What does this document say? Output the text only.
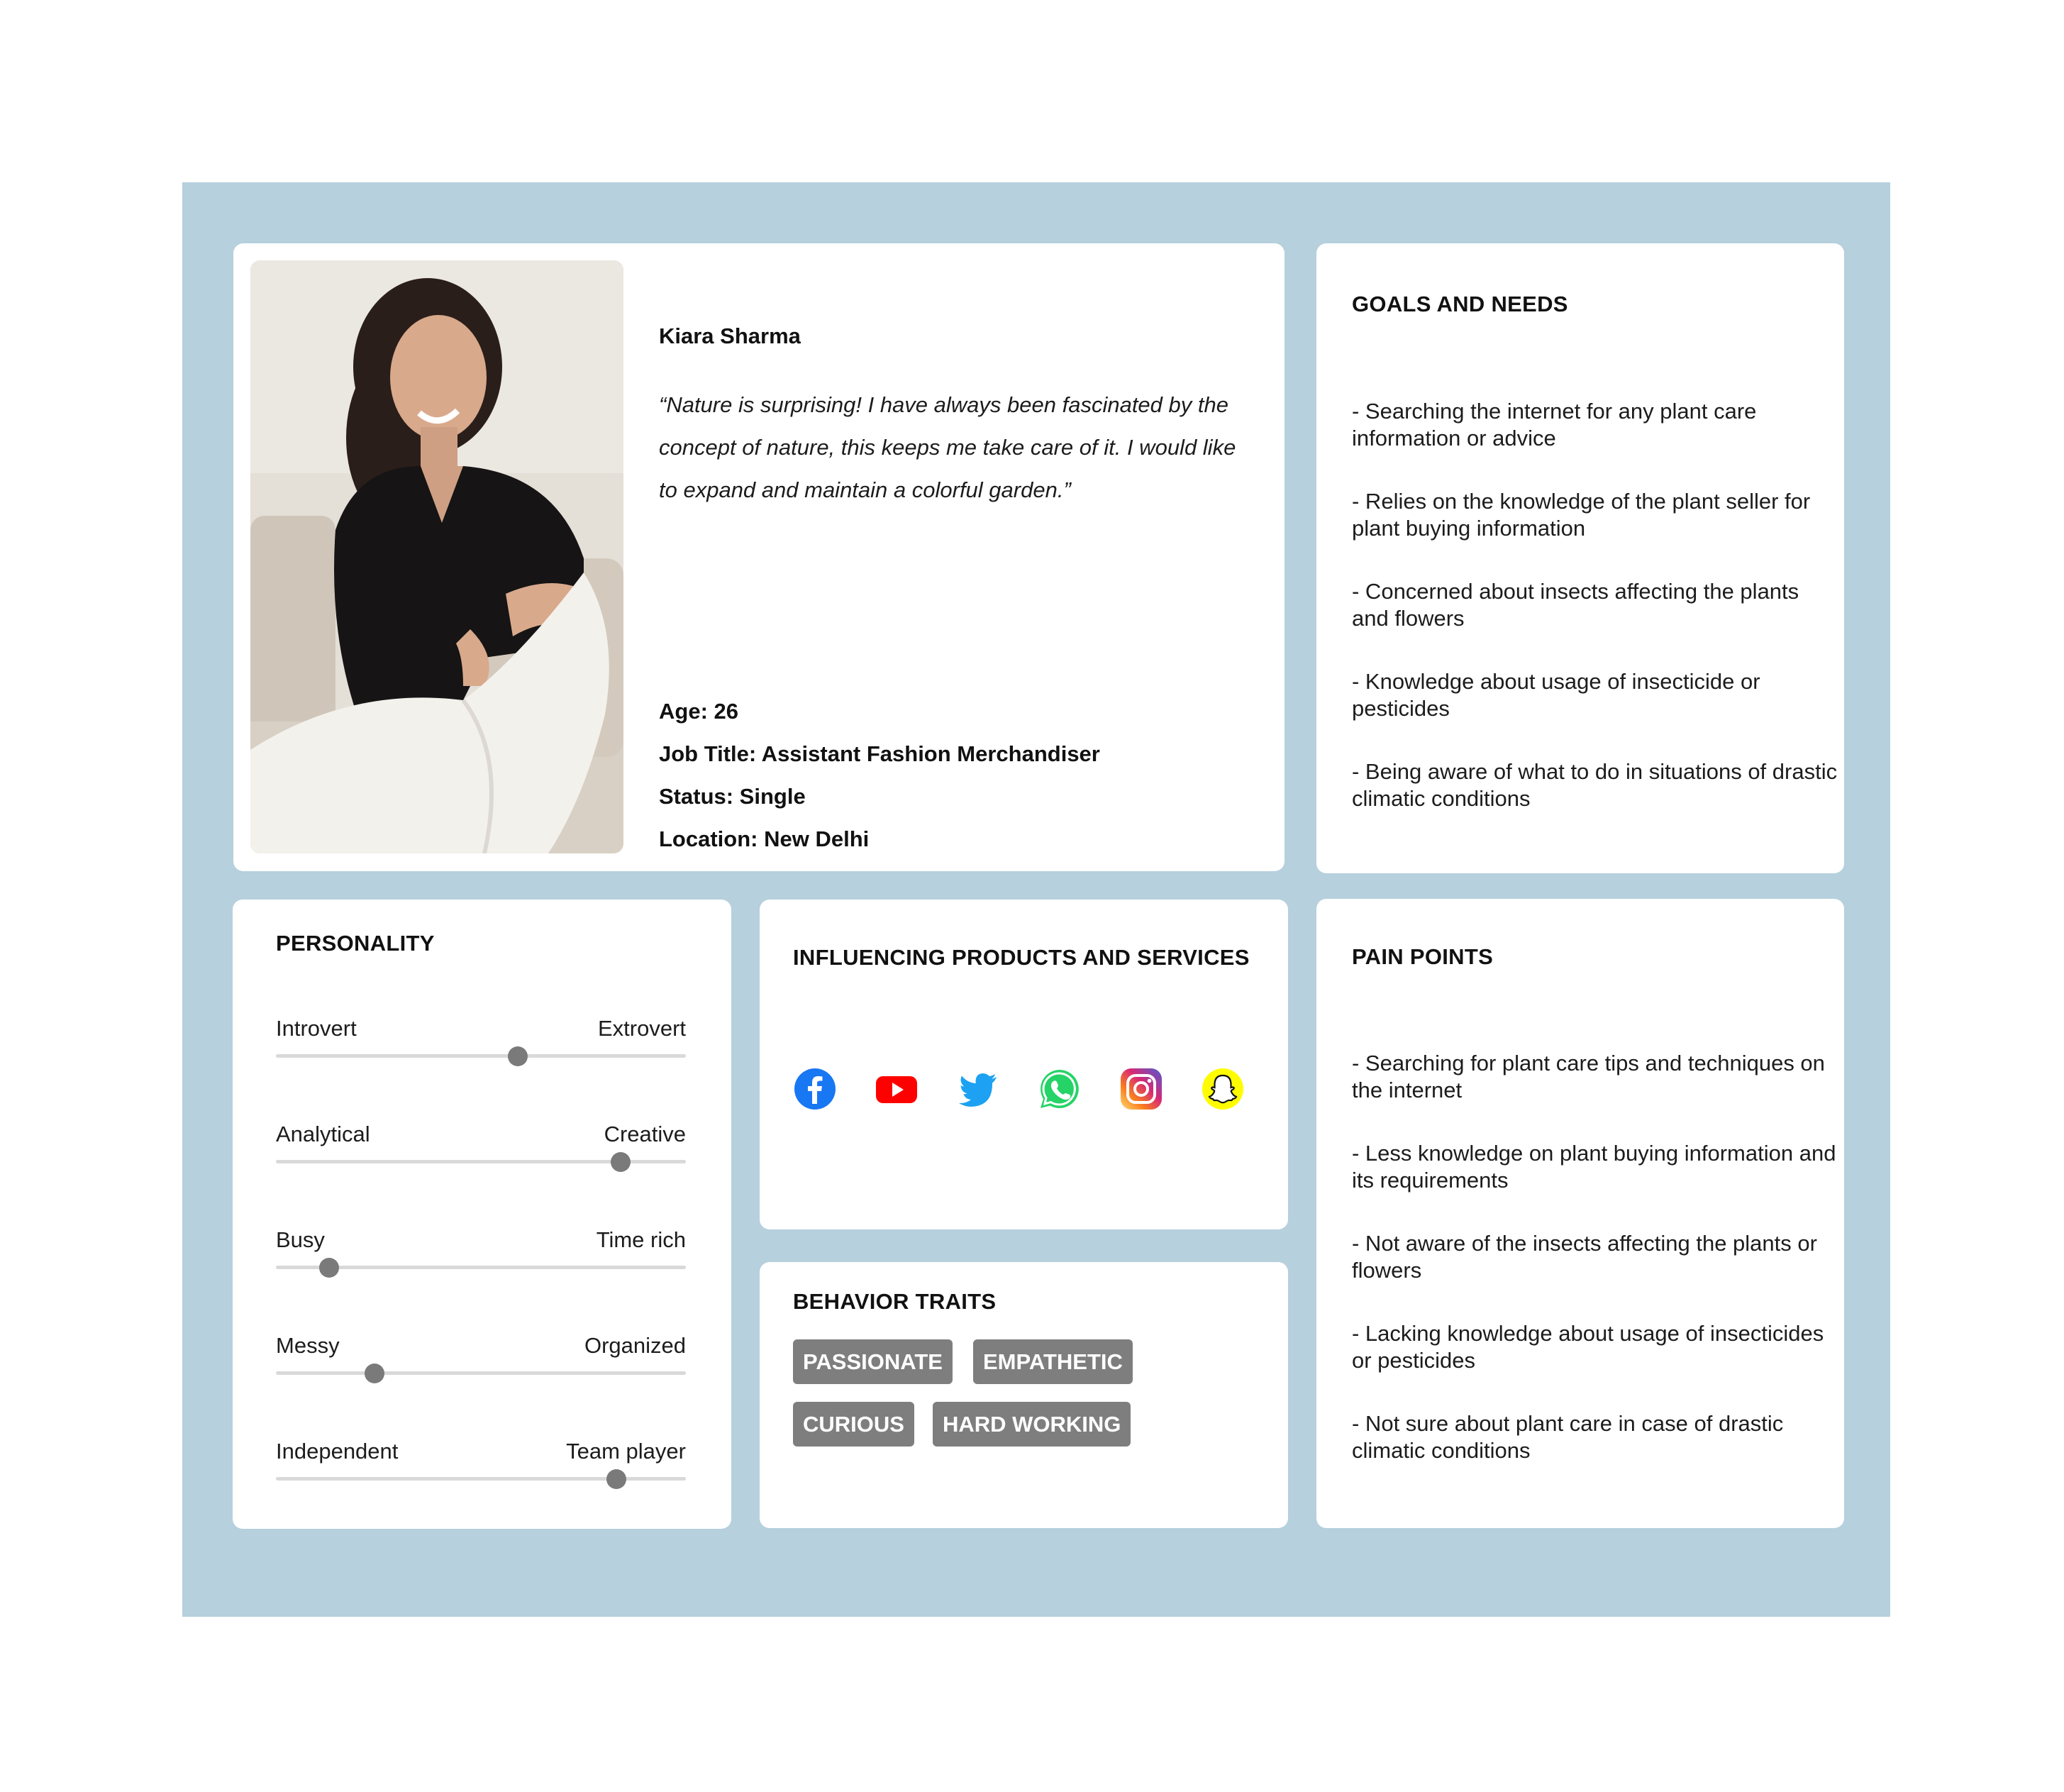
Kiara Sharma
“Nature is surprising! I have always been fascinated by the concept of nature, this keeps me take care of it. I would like to expand and maintain a colorful garden.”
Age: 26
Job Title: Assistant Fashion Merchandiser
Status: Single
Location: New Delhi
GOALS AND NEEDS
- Searching the internet for any plant care information or advice
- Relies on the knowledge of the plant seller for plant buying information
- Concerned about insects affecting the plants and flowers
- Knowledge about usage of insecticide or pesticides
- Being aware of what to do in situations of drastic climatic conditions
PERSONALITY
Introvert	Extrovert
Analytical	Creative
Busy	Time rich
Messy	Organized
Independent	Team player
INFLUENCING PRODUCTS AND SERVICES
BEHAVIOR TRAITS
PASSIONATE	EMPATHETIC
CURIOUS	HARD WORKING
PAIN POINTS
- Searching for plant care tips and techniques on the internet
- Less knowledge on plant buying information and its requirements
- Not aware of the insects affecting the plants or flowers
- Lacking knowledge about usage of insecticides or pesticides
- Not sure about plant care in case of drastic climatic conditions
